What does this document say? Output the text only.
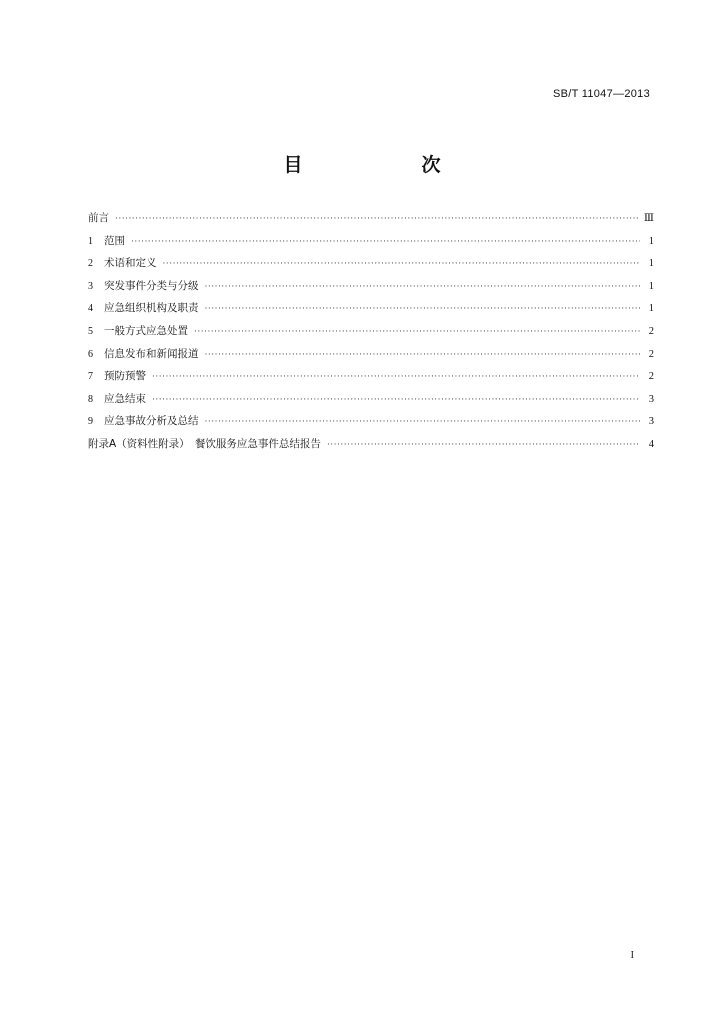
SB/T 11047—2013
目　次
前言 ·····	Ⅲ
1	范围 ·····	1
2	术语和定义 ·····	1
3	突发事件分类与分级 ·····	1
4	应急组织机构及职责 ·····	1
5	一般方式应急处置 ·····	2
6	信息发布和新闻报道 ·····	2
7	预防预警 ·····	2
8	应急结束 ·····	3
9	应急事故分析及总结 ·····	3
附录A（资料性附录）　餐饮服务应急事件总结报告 ·····	4
I
